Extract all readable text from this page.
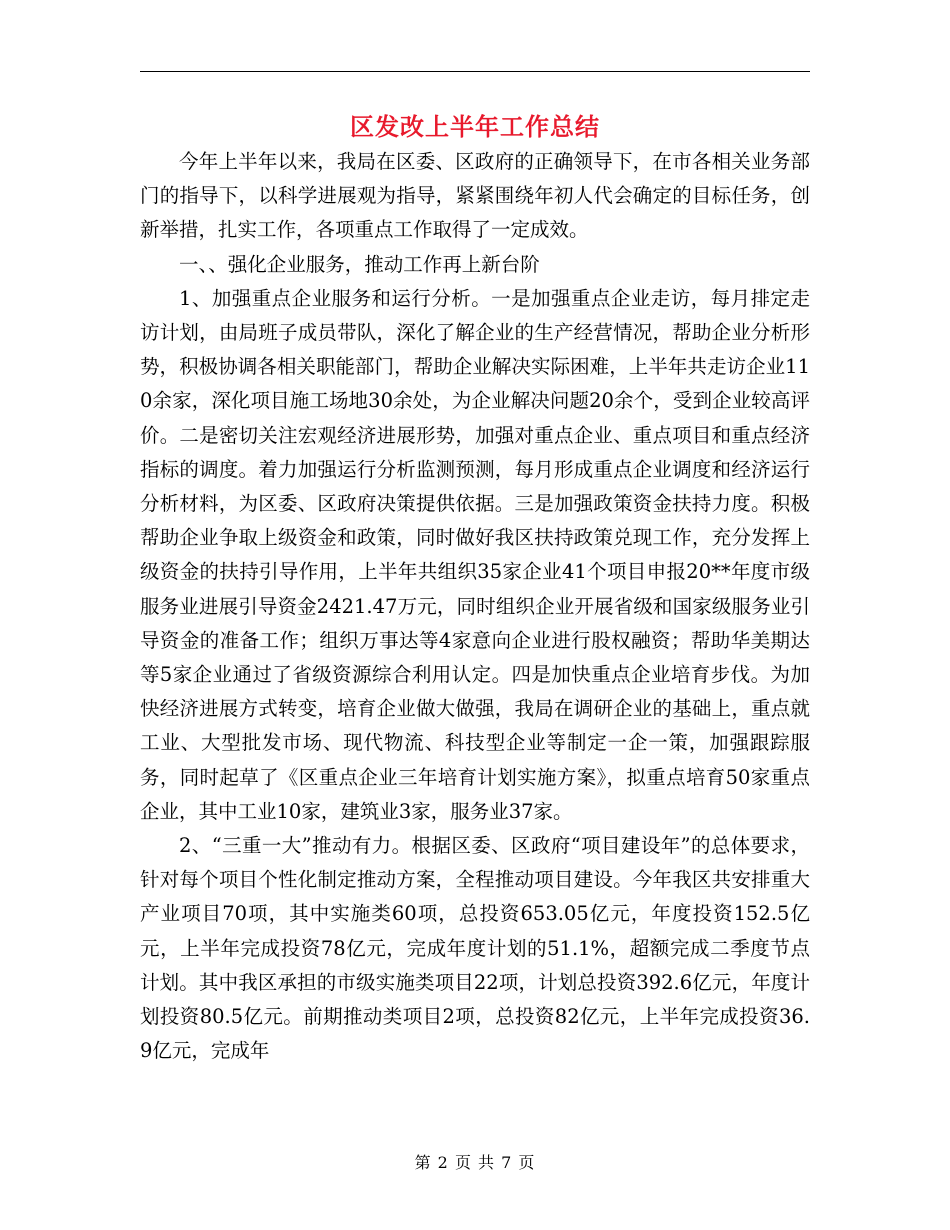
区发改上半年工作总结

今年上半年以来，我局在区委、区政府的正确领导下，在市各相关业务部门的指导下，以科学进展观为指导，紧紧围绕年初人代会确定的目标任务，创新举措，扎实工作，各项重点工作取得了一定成效。

一、、强化企业服务，推动工作再上新台阶

1、加强重点企业服务和运行分析。一是加强重点企业走访，每月排定走访计划，由局班子成员带队，深化了解企业的生产经营情况，帮助企业分析形势，积极协调各相关职能部门，帮助企业解决实际困难，上半年共走访企业110余家，深化项目施工场地30余处，为企业解决问题20余个，受到企业较高评价。二是密切关注宏观经济进展形势，加强对重点企业、重点项目和重点经济指标的调度。着力加强运行分析监测预测，每月形成重点企业调度和经济运行分析材料，为区委、区政府决策提供依据。三是加强政策资金扶持力度。积极帮助企业争取上级资金和政策，同时做好我区扶持政策兑现工作，充分发挥上级资金的扶持引导作用，上半年共组织35家企业41个项目申报20**年度市级服务业进展引导资金2421.47万元，同时组织企业开展省级和国家级服务业引导资金的准备工作；组织万事达等4家意向企业进行股权融资；帮助华美期达等5家企业通过了省级资源综合利用认定。四是加快重点企业培育步伐。为加快经济进展方式转变，培育企业做大做强，我局在调研企业的基础上，重点就工业、大型批发市场、现代物流、科技型企业等制定一企一策，加强跟踪服务，同时起草了《区重点企业三年培育计划实施方案》，拟重点培育50家重点企业，其中工业10家，建筑业3家，服务业37家。

2、“三重一大”推动有力。根据区委、区政府“项目建设年”的总体要求，针对每个项目个性化制定推动方案，全程推动项目建设。今年我区共安排重大产业项目70项，其中实施类60项，总投资653.05亿元，年度投资152.5亿元，上半年完成投资78亿元，完成年度计划的51.1%，超额完成二季度节点计划。其中我区承担的市级实施类项目22项，计划总投资392.6亿元，年度计划投资80.5亿元。前期推动类项目2项，总投资82亿元，上半年完成投资36.9亿元，完成年

第 2 页 共 7 页
